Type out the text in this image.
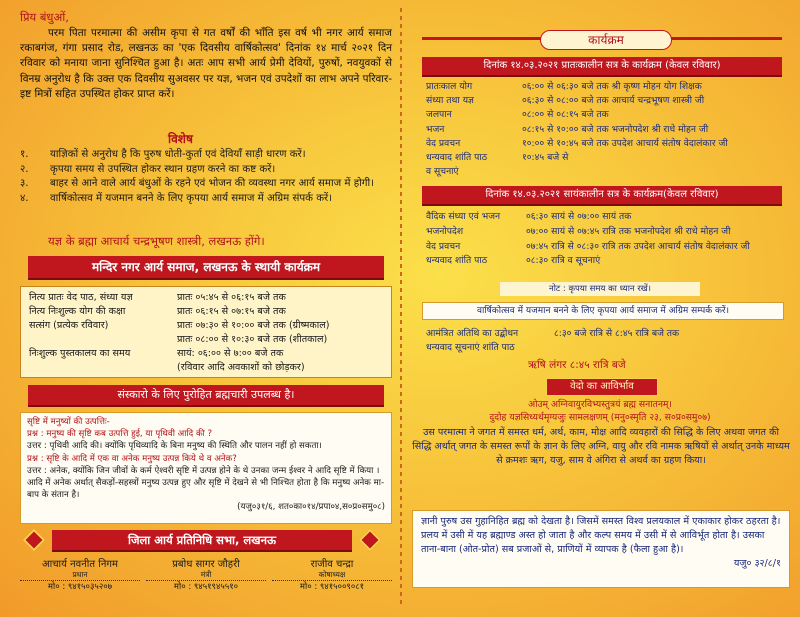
प्रिय बंधुओं,
परम पिता परमात्मा की असीम कृपा से गत वर्षों की भाँति इस वर्ष भी नगर आर्य समाज रकाबगंज, गंगा प्रसाद रोड, लखनऊ का 'एक दिवसीय वार्षिकोत्सव' दिनांक १४ मार्च २०२१ दिन रविवार को मनाया जाना सुनिश्चित हुआ है। अतः आप सभी आर्य प्रेमी देवियों, पुरुषों, नवयुवकों से विनम्र अनुरोध है कि उक्त एक दिवसीय सुअवसर पर यज्ञ, भजन एवं उपदेशों का लाभ अपने परिवार-इष्ट मित्रों सहित उपस्थित होकर प्राप्त करें।
विशेष
१.	याज्ञिकों से अनुरोध है कि पुरुष धोती-कुर्ता एवं देवियाँ साड़ी धारण करें।
२.	कृपया समय से उपस्थित होकर स्थान ग्रहण करने का कष्ट करें।
३.	बाहर से आने वाले आर्य बंधुओं के रहने एवं भोजन की व्यवस्था नगर आर्य समाज में होगी।
४.	वार्षिकोत्सव में यजमान बनने के लिए कृपया आर्य समाज में अग्रिम संपर्क करें।
यज्ञ के ब्रह्मा आचार्य चन्द्रभूषण शास्त्री, लखनऊ होंगे।
मन्दिर नगर आर्य समाज, लखनऊ के स्थायी कार्यक्रम
नित्य प्रातः वेद पाठ, संध्या यज्ञ	प्रातः ०५:४५ से ०६:१५ बजे तक
नित्य निःशुल्क योग की कक्षा	प्रातः ०६:१५ से ०७:१५ बजे तक
सत्संग (प्रत्येक रविवार)	प्रातः ०७:३० से १०:०० बजे तक (ग्रीष्मकाल)
	प्रातः ०८:०० से १०:३० बजे तक (शीतकाल)
निःशुल्क पुस्तकालय का समय	सायं: ०६:०० से ७:०० बजे तक
	(रविवार आदि अवकाशों को छोड़कर)
संस्कारो के लिए पुरोहित ब्रह्मचारी उपलब्ध है।
सृष्टि में मनुष्यों की उत्पत्तिः-
प्रश्न : मनुष्य की सृष्टि कब उत्पत्ति हुई, या पृथिवी आदि की ?
उत्तर : पृथिवी आदि की। क्योंकि पृथिव्यादि के बिना मनुष्य की स्थिति और पालन नहीं हो सकता।
प्रश्न : सृष्टि के आदि में एक वा अनेक मनुष्य उत्पन्न किये थे व अनेक?
उत्तर : अनेक, क्योंकि जिन जीवों के कर्म ऐश्वरी सृष्टि में उत्पन्न होने के थे उनका जन्म ईश्वर ने आदि सृष्टि में किया । आदि में अनेक अर्थात् सैकड़ों-सहस्त्रों मनुष्य उत्पन्न हुए और सृष्टि में देखने से भी निश्चित होता है कि मनुष्य अनेक मा-बाप के संतान है।
(यजु०३१/६, शत०का०१४/प्रपा०४,स०प्र०समु०८)
जिला आर्य प्रतिनिधि सभा, लखनऊ
आचार्य नवनीत निगम
प्रधान
मो० : ९४१५०३५२०७
प्रबोध सागर जौहरी
मंत्री
मो० : ९४५१९४५५१०
राजीव चन्द्रा
कोषाध्यक्ष
मो० : ९४१५००९०८१
कार्यक्रम
दिनांक १४.०३.२०२१ प्रातःकालीन सत्र के कार्यक्रम (केवल रविवार)
प्रातःकाल योग	०६:०० से ०६:३० बजे तक श्री कृष्ण मोहन योग शिक्षक
संध्या तथा यज्ञ	०६:३० से ०८:०० बजे तक आचार्य चन्द्रभूषण शास्त्री जी
जलपान	०८:०० से ०८:१५ बजे तक
भजन	०८:१५ से १०:०० बजे तक भजनोपदेश श्री राधे मोहन जी
वेद प्रवचन	१०:०० से १०:४५ बजे तक उपदेश आचार्य संतोष वेदालंकार जी
धन्यवाद शांति पाठ	१०:४५ बजे से
व सूचनाएं
दिनांक १४.०३.२०२१ सायंकालीन सत्र के कार्यक्रम(केवल रविवार)
वैदिक संध्या एवं भजन	०६:३० सायं से ०७:०० सायं तक
भजनोपदेश	०७:०० सायं से ०७:४५ रात्रि तक भजनोपदेश श्री राधे मोहन जी
वेद प्रवचन	०७:४५ रात्रि से ०८:३० रात्रि तक उपदेश आचार्य संतोष वेदालंकार जी
धन्यवाद शांति पाठ	०८:३० रात्रि व सूचनाएं
नोट : कृपया समय का ध्यान रखें।
वार्षिकोत्सव में यजमान बनने के लिए कृपया आर्य समाज में अग्रिम सम्पर्क करें।
आमंत्रित अतिथि का उद्बोधन	८:३० बजे रात्रि से ८:४५ रात्रि बजे तक
धन्यवाद सूचनाएं शांति पाठ
ऋषि लंगर ८:४५ रात्रि बजे
वेदो का आविर्भाव
ओउम् अग्निवायुरविभ्यस्तुत्रयं ब्रह्म सनातनम्।
दुदोह यज्ञसिध्यर्थमृग्यजुः सामलक्षणम् (मनु०स्मृति २३, स०प्र०समु०७)
उस परमात्मा ने जगत में समस्त धर्म, अर्थ, काम, मोक्ष आदि व्यवहारों की सिद्धि के लिए अथवा जगत की सिद्धि अर्थात् जगत के समस्त रूपों के ज्ञान के लिए अग्नि, वायु और रवि नामक ऋषियों से अर्थात् उनके माध्यम से क्रमशः ऋग, यजु, साम वे अंगिरा से अथर्व का ग्रहण किया।
ज्ञानी पुरुष उस गुहानिहित ब्रह्म को देखता है। जिसमें समस्त विश्व प्रलयकाल में एकाकार होकर ठहरता है। प्रलय में उसी में यह ब्रह्माण्ड अस्त हो जाता है और कल्प समय में उसी में से आविर्भूत होता है। उसका ताना-बाना (ओत-प्रोत) सब प्रजाओं से, प्राणियों में व्यापक है (फैला हुआ है)।
यजु० ३२/८/१
